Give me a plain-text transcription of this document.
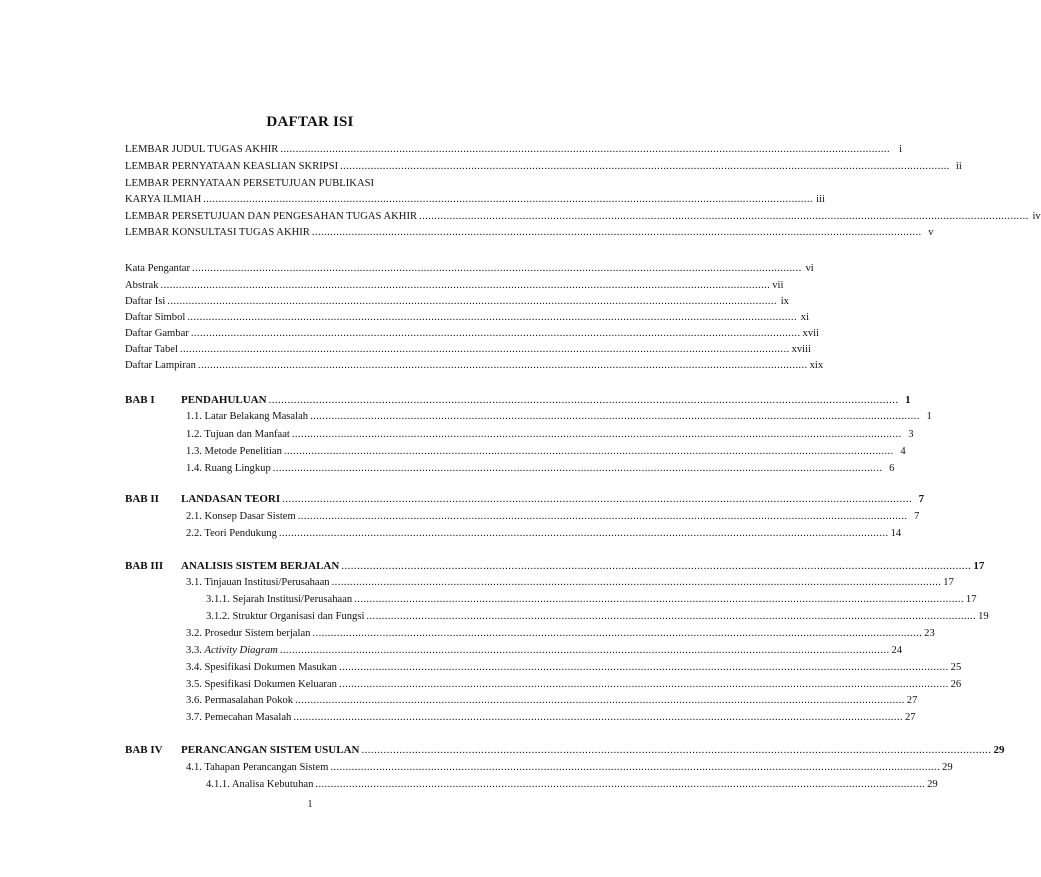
DAFTAR ISI
LEMBAR JUDUL TUGAS AKHIR ........................................................................................................................................................................................................ i
LEMBAR PERNYATAAN KEASLIAN SKRIPSI ........................................................................................................................................................................................................ ii
LEMBAR PERNYATAAN PERSETUJUAN PUBLIKASI
KARYA ILMIAH ........................................................................................................................................................................................................ iii
LEMBAR PERSETUJUAN DAN PENGESAHAN TUGAS AKHIR ........................................................................................................................................................................................................ iv
LEMBAR KONSULTASI TUGAS AKHIR ........................................................................................................................................................................................................ v
Kata Pengantar ........................................................................................................................................................................................................ vi
Abstrak ........................................................................................................................................................................................................ vii
Daftar Isi ........................................................................................................................................................................................................ ix
Daftar Simbol ........................................................................................................................................................................................................ xi
Daftar Gambar ........................................................................................................................................................................................................ xvii
Daftar Tabel ........................................................................................................................................................................................................ xviii
Daftar Lampiran ........................................................................................................................................................................................................ xix
BAB I	PENDAHULUAN ........................................................................................................................................................................................................ 1
1.1. Latar Belakang Masalah ........................................................................................................................................................................................................ 1
1.2. Tujuan dan Manfaat ........................................................................................................................................................................................................ 3
1.3. Metode Penelitian ........................................................................................................................................................................................................ 4
1.4. Ruang Lingkup ........................................................................................................................................................................................................ 6
BAB II	LANDASAN TEORI ........................................................................................................................................................................................................ 7
2.1. Konsep Dasar Sistem ........................................................................................................................................................................................................ 7
2.2. Teori Pendukung ........................................................................................................................................................................................................ 14
BAB III	ANALISIS SISTEM BERJALAN ........................................................................................................................................................................................................ 17
3.1. Tinjauan Institusi/Perusahaan ........................................................................................................................................................................................................ 17
3.1.1. Sejarah Institusi/Perusahaan ........................................................................................................................................................................................................ 17
3.1.2. Struktur Organisasi dan Fungsi ........................................................................................................................................................................................................ 19
3.2. Prosedur Sistem berjalan ........................................................................................................................................................................................................ 23
3.3. Activity Diagram ........................................................................................................................................................................................................ 24
3.4. Spesifikasi Dokumen Masukan ........................................................................................................................................................................................................ 25
3.5. Spesifikasi Dokumen Keluaran ........................................................................................................................................................................................................ 26
3.6. Permasalahan Pokok ........................................................................................................................................................................................................ 27
3.7. Pemecahan Masalah ........................................................................................................................................................................................................ 27
BAB IV	PERANCANGAN SISTEM USULAN ........................................................................................................................................................................................................ 29
4.1. Tahapan Perancangan Sistem ........................................................................................................................................................................................................ 29
4.1.1. Analisa Kebutuhan ........................................................................................................................................................................................................ 29
1
